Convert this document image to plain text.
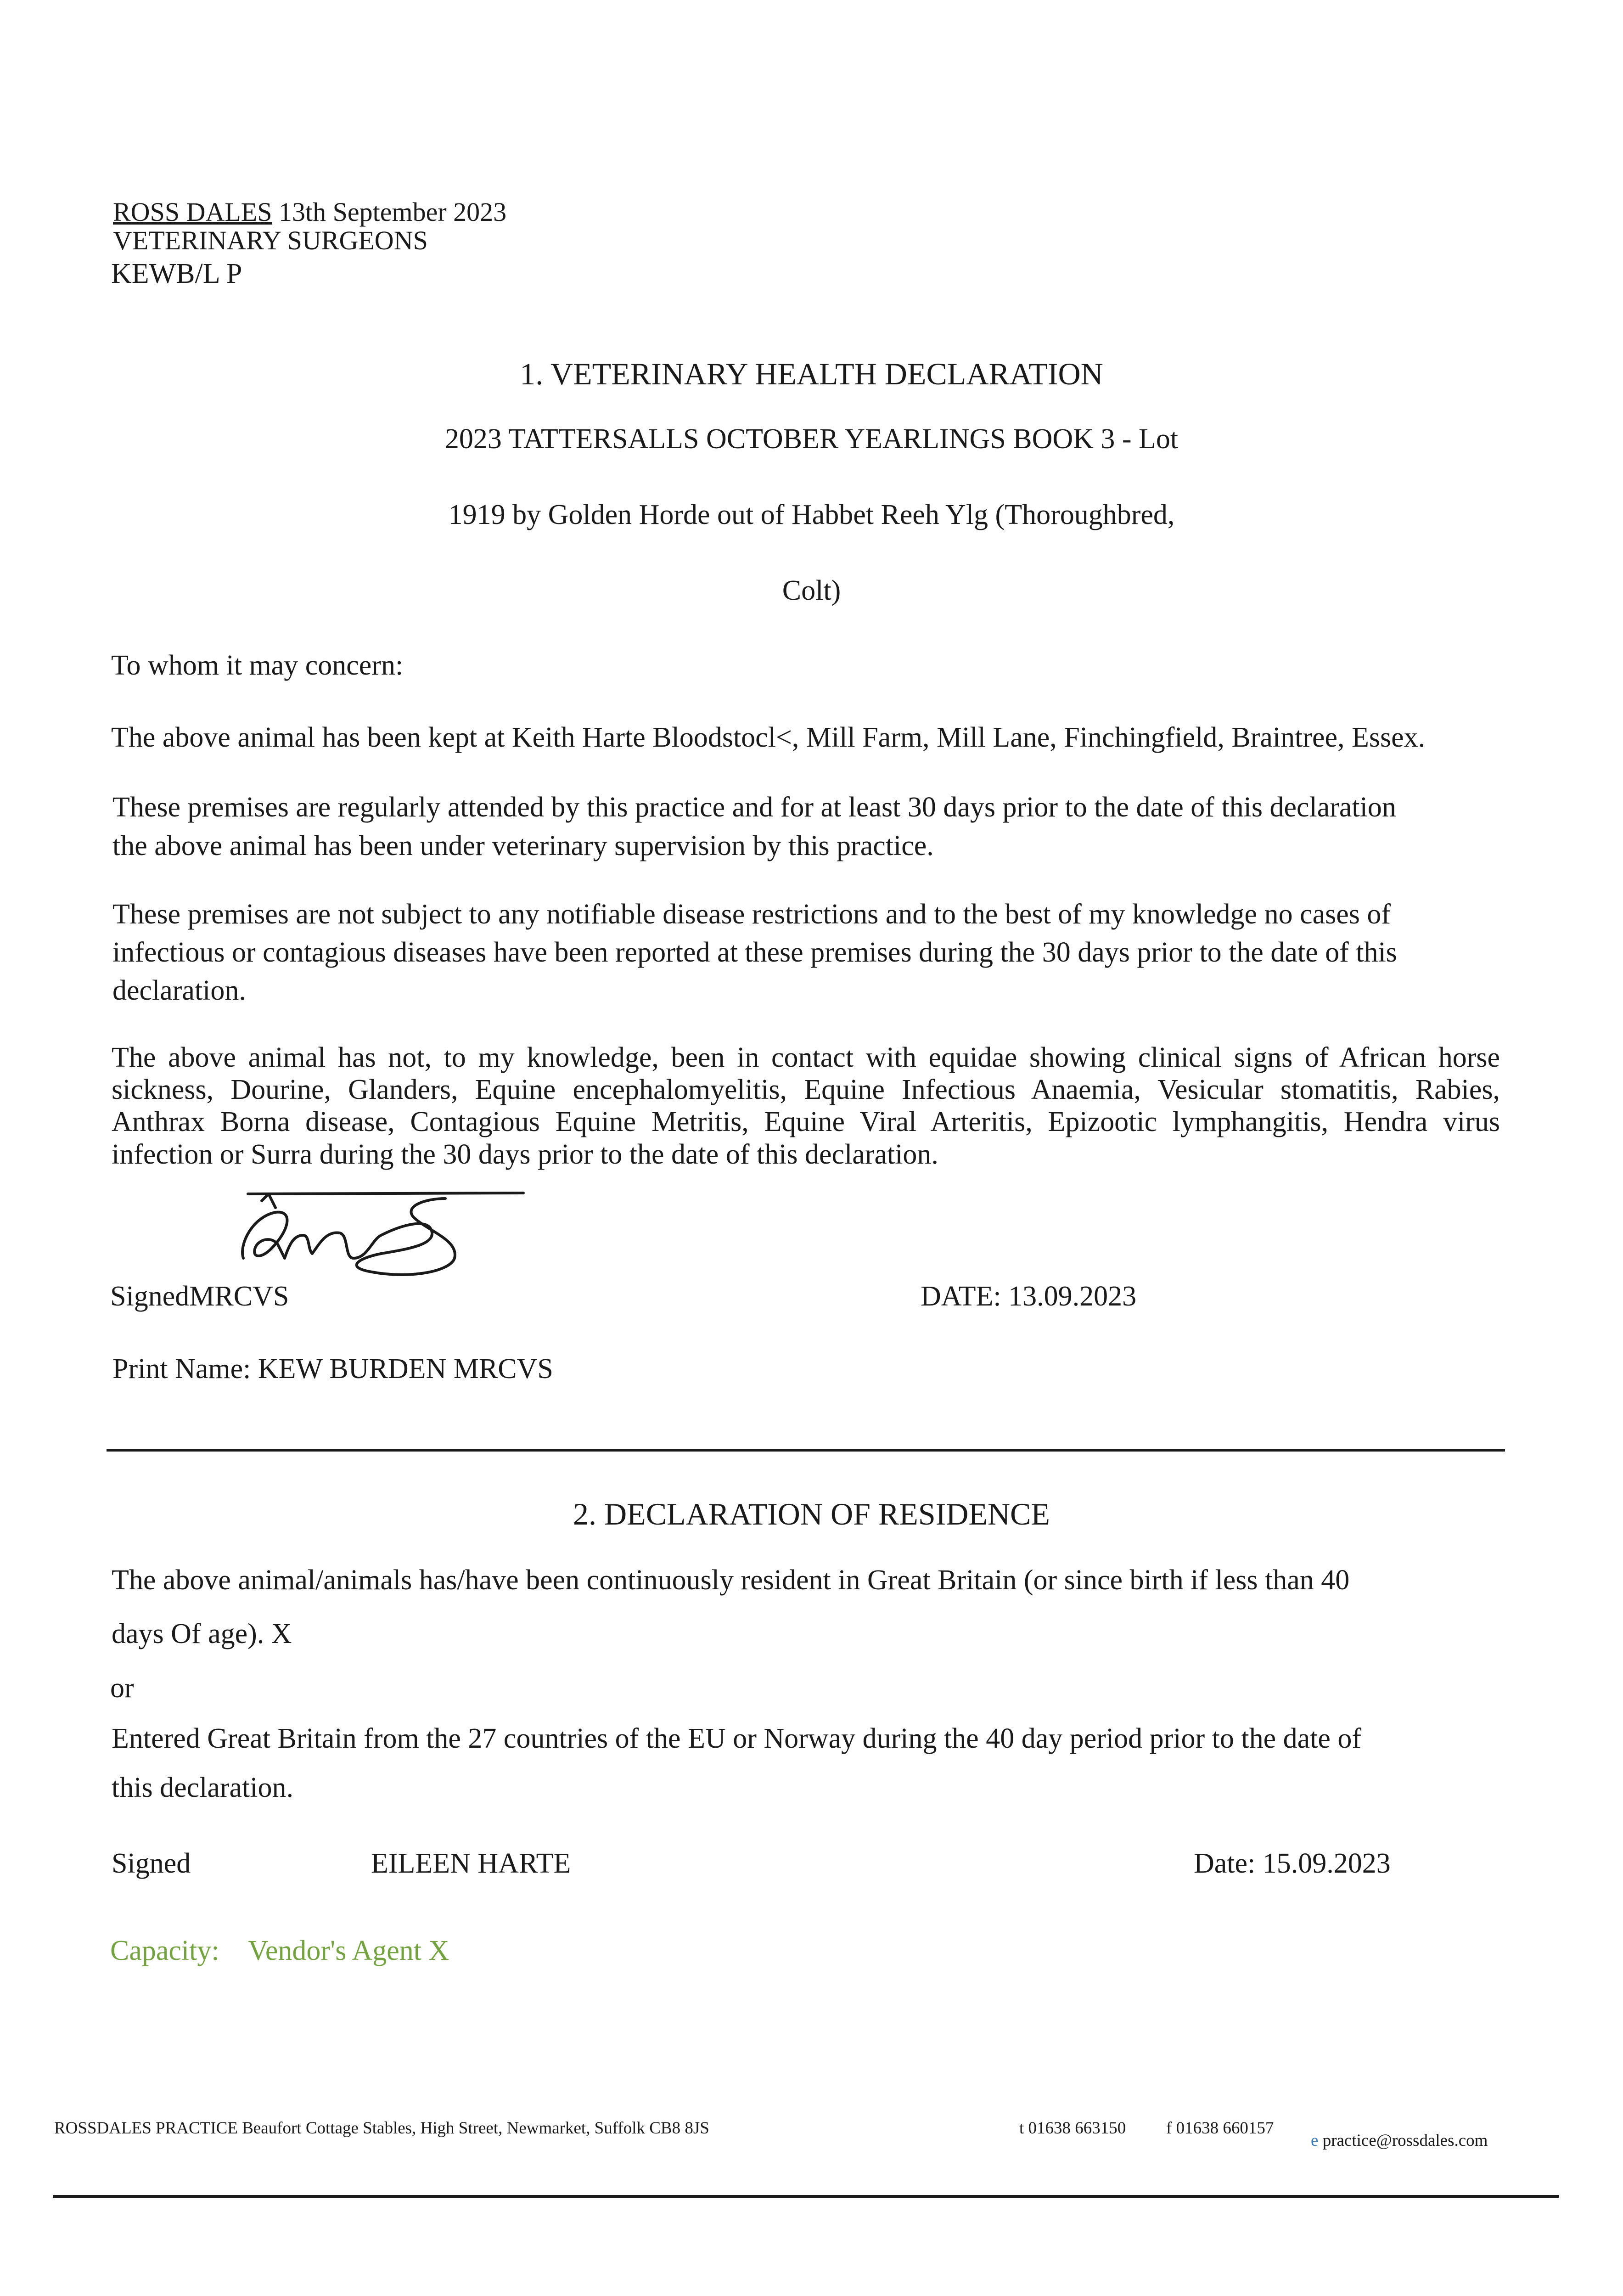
ROSS DALES 13th September 2023
VETERINARY SURGEONS
KEWB/L P
1. VETERINARY HEALTH DECLARATION
2023 TATTERSALLS OCTOBER YEARLINGS BOOK 3 - Lot
1919 by Golden Horde out of Habbet Reeh Ylg (Thoroughbred,
Colt)
To whom it may concern:
The above animal has been kept at Keith Harte Bloodstocl<, Mill Farm, Mill Lane, Finchingfield, Braintree, Essex.
These premises are regularly attended by this practice and for at least 30 days prior to the date of this declaration
the above animal has been under veterinary supervision by this practice.
These premises are not subject to any notifiable disease restrictions and to the best of my knowledge no cases of
infectious or contagious diseases have been reported at these premises during the 30 days prior to the date of this
declaration.
The above animal has not, to my knowledge, been in contact with equidae showing clinical signs of African horse
sickness, Dourine, Glanders, Equine encephalomyelitis, Equine Infectious Anaemia, Vesicular stomatitis, Rabies,
Anthrax Borna disease, Contagious Equine Metritis, Equine Viral Arteritis, Epizootic lymphangitis, Hendra virus
infection or Surra during the 30 days prior to the date of this declaration.
SignedMRCVS	DATE: 13.09.2023
Print Name: KEW BURDEN MRCVS
2. DECLARATION OF RESIDENCE
The above animal/animals has/have been continuously resident in Great Britain (or since birth if less than 40
days Of age). X
or
Entered Great Britain from the 27 countries of the EU or Norway during the 40 day period prior to the date of
this declaration.
Signed	EILEEN HARTE	Date: 15.09.2023
Capacity: Vendor's Agent X
ROSSDALES PRACTICE Beaufort Cottage Stables, High Street, Newmarket, Suffolk CB8 8JS	t 01638 663150 f 01638 660157
e practice@rossdales.com
